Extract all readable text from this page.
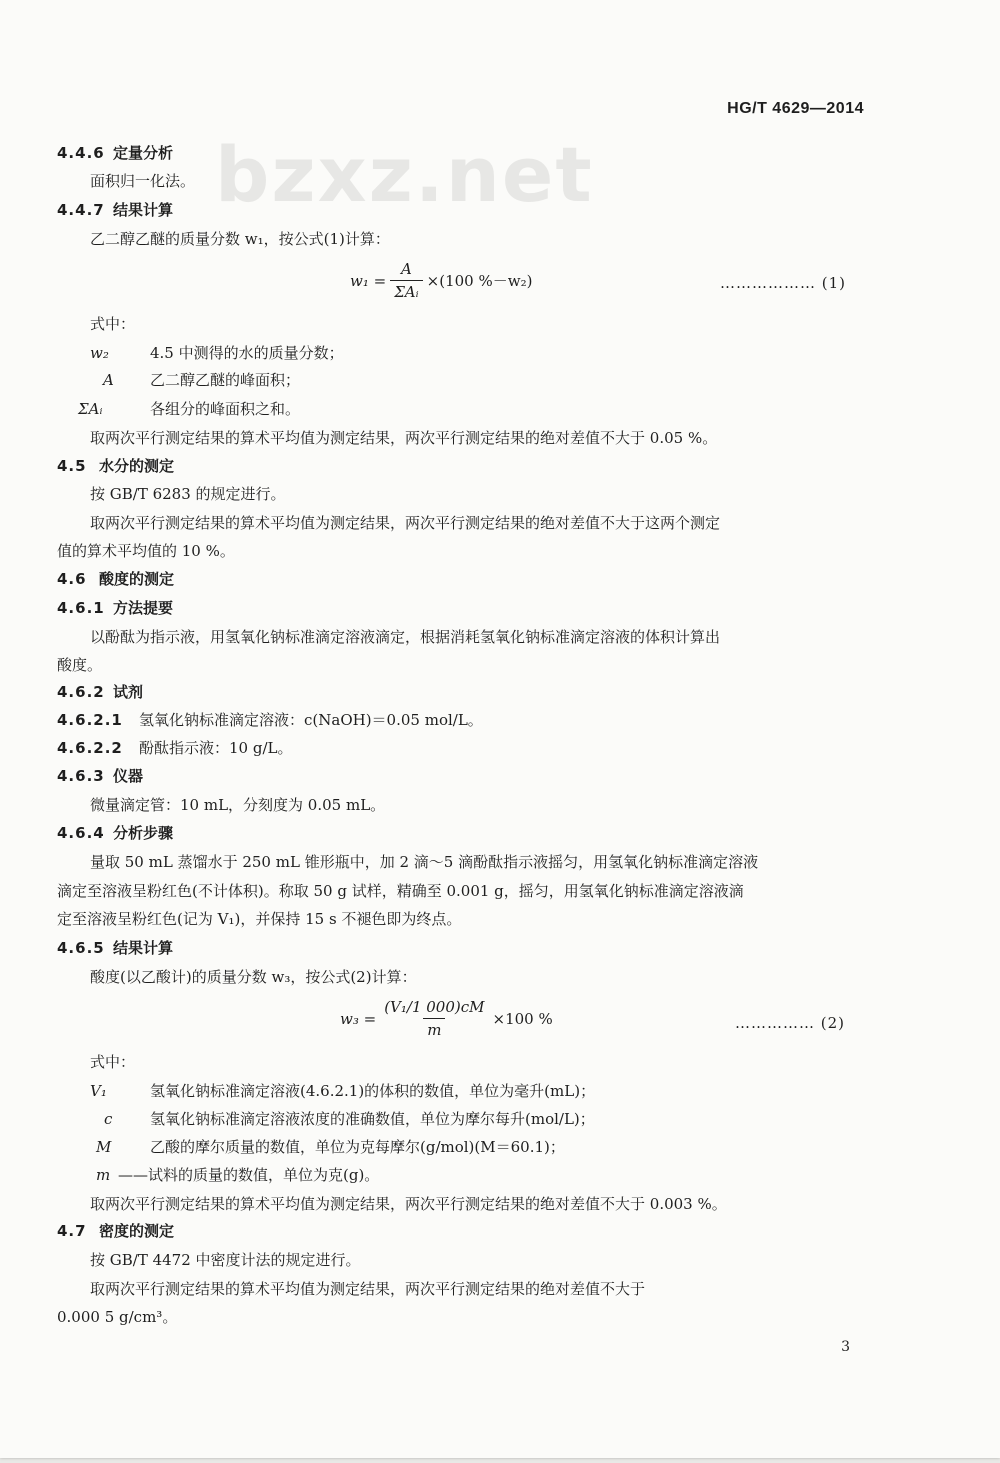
bzxz.net
HG/T 4629—2014
4.4.6 定量分析
面积归一化法。
4.4.7 结果计算
乙二醇乙醚的质量分数 w₁，按公式(1)计算：
$w_1 = \frac{A}{\text{ΣAᵢ}} \times(100$ %－w₂)	……………… (1)
式中：
w₂	4.5 中测得的水的质量分数；
A 乙二醇乙醚的峰面积；
ΣAᵢ	各组分的峰面积之和。
取两次平行测定结果的算术平均值为测定结果，两次平行测定结果的绝对差值不大于 0.05 %。
4.5 水分的测定
按 GB/T 6283 的规定进行。
取两次平行测定结果的算术平均值为测定结果，两次平行测定结果的绝对差值不大于这两个测定
值的算术平均值的 10 %。
4.6 酸度的测定
4.6.1 方法提要
以酚酞为指示液，用氢氧化钠标准滴定溶液滴定，根据消耗氢氧化钠标准滴定溶液的体积计算出
酸度。
4.6.2 试剂
4.6.2.1 氢氧化钠标准滴定溶液：c(NaOH)＝0.05 mol/L。
4.6.2.2 酚酞指示液：10 g/L。
4.6.3 仪器
微量滴定管：10 mL，分刻度为 0.05 mL。
4.6.4 分析步骤
量取 50 mL 蒸馏水于 250 mL 锥形瓶中，加 2 滴～5 滴酚酞指示液摇匀，用氢氧化钠标准滴定溶液
滴定至溶液呈粉红色(不计体积)。称取 50 g 试样，精确至 0.001 g，摇匀，用氢氧化钠标准滴定溶液滴
定至溶液呈粉红色(记为 V₁)，并保持 15 s 不褪色即为终点。
4.6.5 结果计算
酸度(以乙酸计)的质量分数 w₃，按公式(2)计算：
$w_3 = \frac{\text{(V₁/1 000)cM}}{m} \times 100$ %	…………… (2)
式中：
V₁	氢氧化钠标准滴定溶液(4.6.2.1)的体积的数值，单位为毫升(mL)；
c	氢氧化钠标准滴定溶液浓度的准确数值，单位为摩尔每升(mol/L)；
M	乙酸的摩尔质量的数值，单位为克每摩尔(g/mol)(M＝60.1)；
m ——试料的质量的数值，单位为克(g)。
取两次平行测定结果的算术平均值为测定结果，两次平行测定结果的绝对差值不大于 0.003 %。
4.7 密度的测定
按 GB/T 4472 中密度计法的规定进行。
取两次平行测定结果的算术平均值为测定结果，两次平行测定结果的绝对差值不大于
0.000 5 g/cm³。
3
